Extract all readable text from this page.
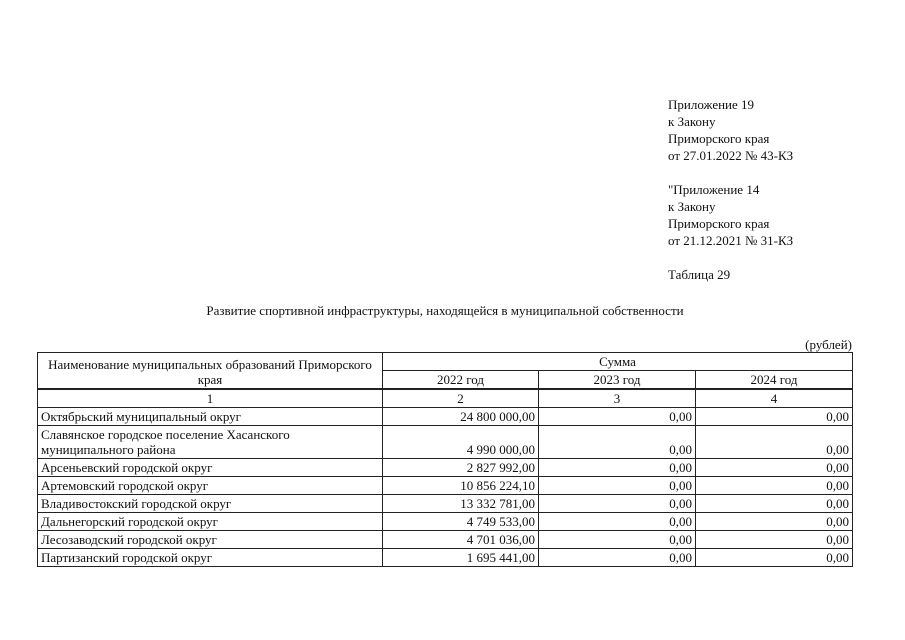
Приложение 19
к Закону
Приморского края
от 27.01.2022 № 43-КЗ
"Приложение 14
к Закону
Приморского края
от 21.12.2021 № 31-КЗ
Таблица 29
Развитие спортивной инфраструктуры, находящейся в муниципальной собственности
(рублей)
Наименование муниципальных образований Приморского края	Сумма		
	2022 год	2023 год	2024 год
1	2	3	4
Октябрьский муниципальный округ	24 800 000,00	0,00	0,00
Славянское городское поселение Хасанского муниципального района	4 990 000,00	0,00	0,00
Арсеньевский городской округ	2 827 992,00	0,00	0,00
Артемовский городской округ	10 856 224,10	0,00	0,00
Владивостокский городской округ	13 332 781,00	0,00	0,00
Дальнегорский городской округ	4 749 533,00	0,00	0,00
Лесозаводский городской округ	4 701 036,00	0,00	0,00
Партизанский городской округ	1 695 441,00	0,00	0,00
